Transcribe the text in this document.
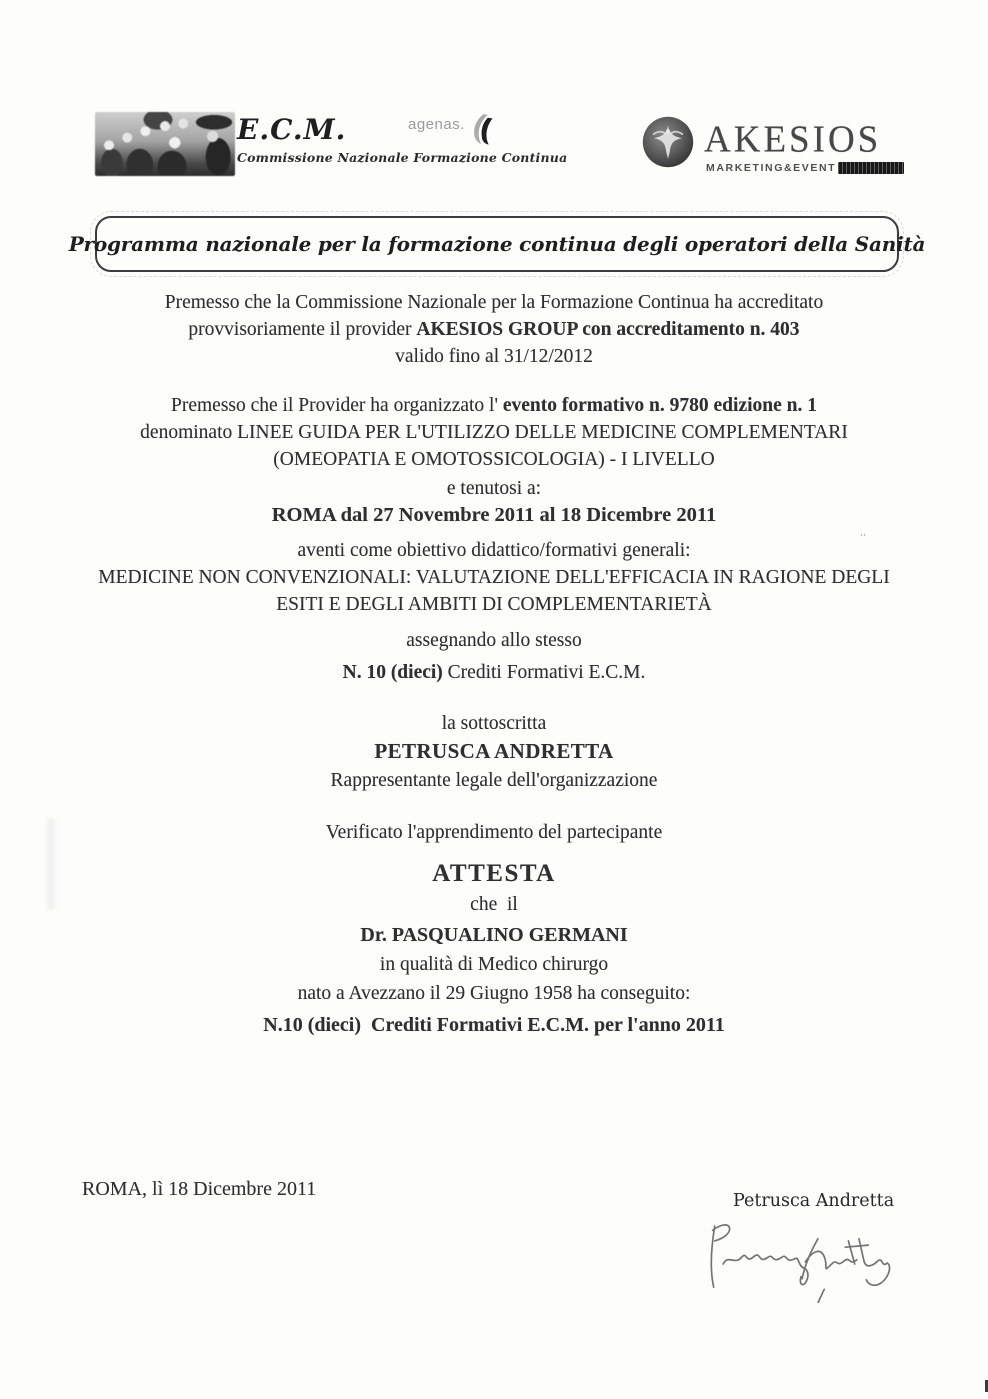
E.C.M.
Commissione Nazionale Formazione Continua
agenas.	AKESIOS
MARKETING&EVENT
Programma nazionale per la formazione continua degli operatori della Sanità
Premesso che la Commissione Nazionale per la Formazione Continua ha accreditato
provvisoriamente il provider AKESIOS GROUP con accreditamento n. 403
valido fino al 31/12/2012
Premesso che il Provider ha organizzato l' evento formativo n. 9780 edizione n. 1
denominato LINEE GUIDA PER L'UTILIZZO DELLE MEDICINE COMPLEMENTARI
(OMEOPATIA E OMOTOSSICOLOGIA) - I LIVELLO
e tenutosi a:
ROMA dal 27 Novembre 2011 al 18 Dicembre 2011
aventi come obiettivo didattico/formativi generali:
MEDICINE NON CONVENZIONALI: VALUTAZIONE DELL'EFFICACIA IN RAGIONE DEGLI
ESITI E DEGLI AMBITI DI COMPLEMENTARIETÀ
assegnando allo stesso
N. 10 (dieci) Crediti Formativi E.C.M.
la sottoscritta
PETRUSCA ANDRETTA
Rappresentante legale dell'organizzazione
Verificato l'apprendimento del partecipante
ATTESTA
che  il
Dr. PASQUALINO GERMANI
in qualità di Medico chirurgo
nato a Avezzano il 29 Giugno 1958 ha conseguito:
N.10 (dieci)  Crediti Formativi E.C.M. per l'anno 2011
ROMA, lì 18 Dicembre 2011
Petrusca Andretta
ʻʻ
